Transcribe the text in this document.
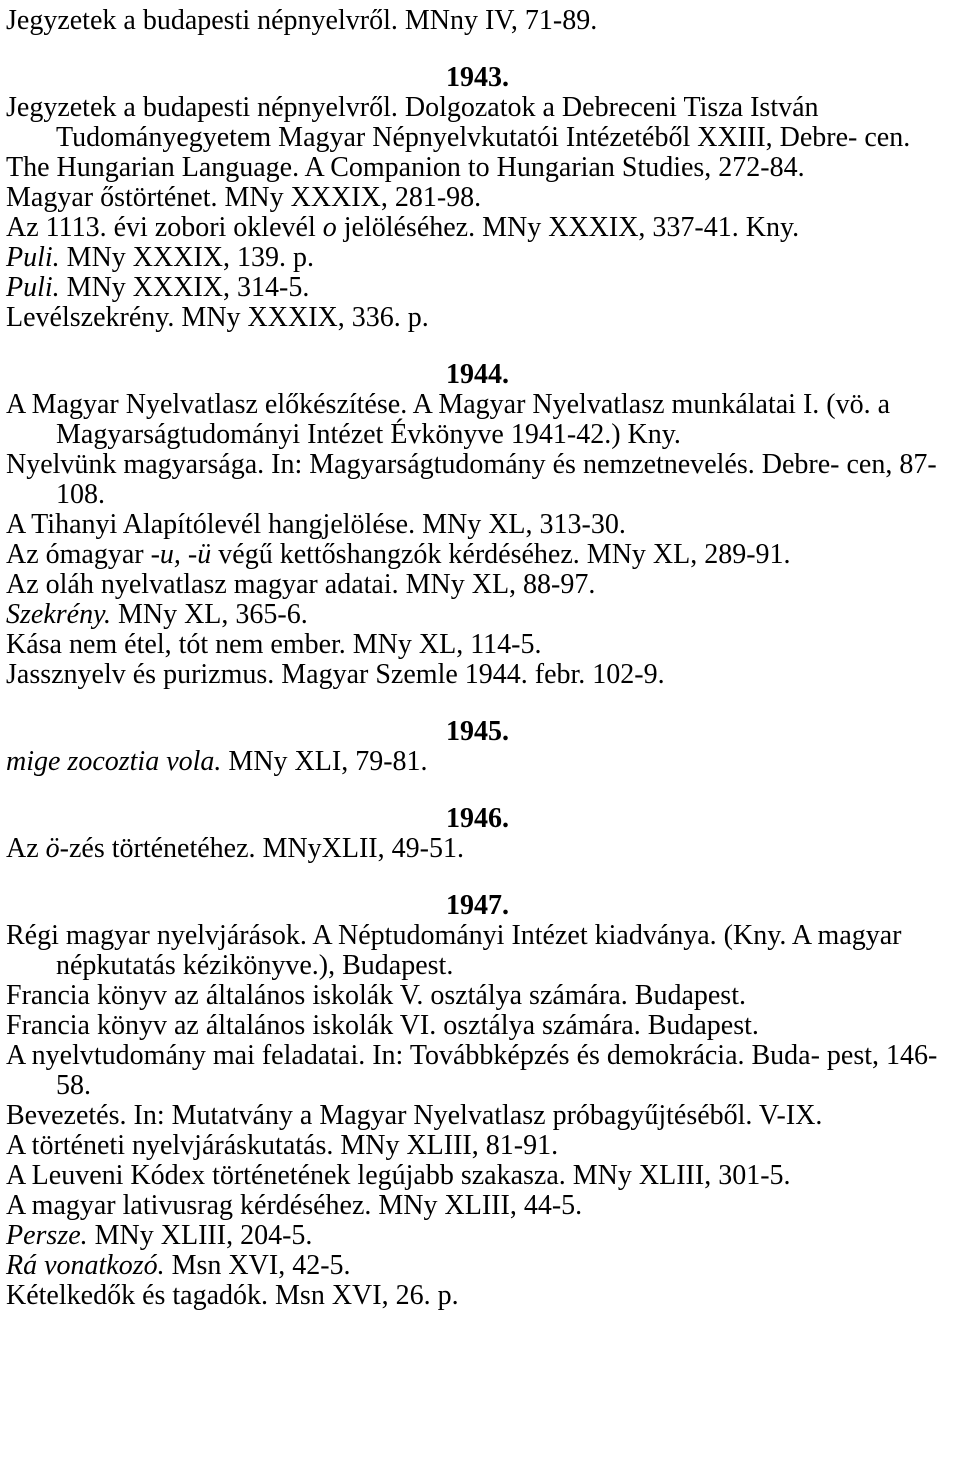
Jegyzetek a budapesti népnyelvről. MNny IV, 71-89.
1943.
Jegyzetek a budapesti népnyelvről. Dolgozatok a Debreceni Tisza István Tudományegyetem Magyar Népnyelvkutatói Intézetéből XXIII, Debre- cen.
The Hungarian Language. A Companion to Hungarian Studies, 272-84.
Magyar őstörténet. MNy XXXIX, 281-98.
Az 1113. évi zobori oklevél o jelöléséhez. MNy XXXIX, 337-41. Kny.
Puli. MNy XXXIX, 139. p.
Puli. MNy XXXIX, 314-5.
Levélszekrény. MNy XXXIX, 336. p.
1944.
A Magyar Nyelvatlasz előkészítése. A Magyar Nyelvatlasz munkálatai I. (vö. a Magyarságtudományi Intézet Évkönyve 1941-42.) Kny.
Nyelvünk magyarsága. In: Magyarságtudomány és nemzetnevelés. Debre- cen, 87-108.
A Tihanyi Alapítólevél hangjelölése. MNy XL, 313-30.
Az ómagyar -u, -ü végű kettőshangzók kérdéséhez. MNy XL, 289-91.
Az oláh nyelvatlasz magyar adatai. MNy XL, 88-97.
Szekrény. MNy XL, 365-6.
Kása nem étel, tót nem ember. MNy XL, 114-5.
Jassznyelv és purizmus. Magyar Szemle 1944. febr. 102-9.
1945.
mige zocoztia vola. MNy XLI, 79-81.
1946.
Az ö-zés történetéhez. MNyXLII, 49-51.
1947.
Régi magyar nyelvjárások. A Néptudományi Intézet kiadványa. (Kny. A magyar népkutatás kézikönyve.), Budapest.
Francia könyv az általános iskolák V. osztálya számára. Budapest.
Francia könyv az általános iskolák VI. osztálya számára. Budapest.
A nyelvtudomány mai feladatai. In: Továbbképzés és demokrácia. Buda- pest, 146-58.
Bevezetés. In: Mutatvány a Magyar Nyelvatlasz próbagyűjtéséből. V-IX.
A történeti nyelvjáráskutatás. MNy XLIII, 81-91.
A Leuveni Kódex történetének legújabb szakasza. MNy XLIII, 301-5.
A magyar lativusrag kérdéséhez. MNy XLIII, 44-5.
Persze. MNy XLIII, 204-5.
Rá vonatkozó. Msn XVI, 42-5.
Kételkedők és tagadók. Msn XVI, 26. p.
